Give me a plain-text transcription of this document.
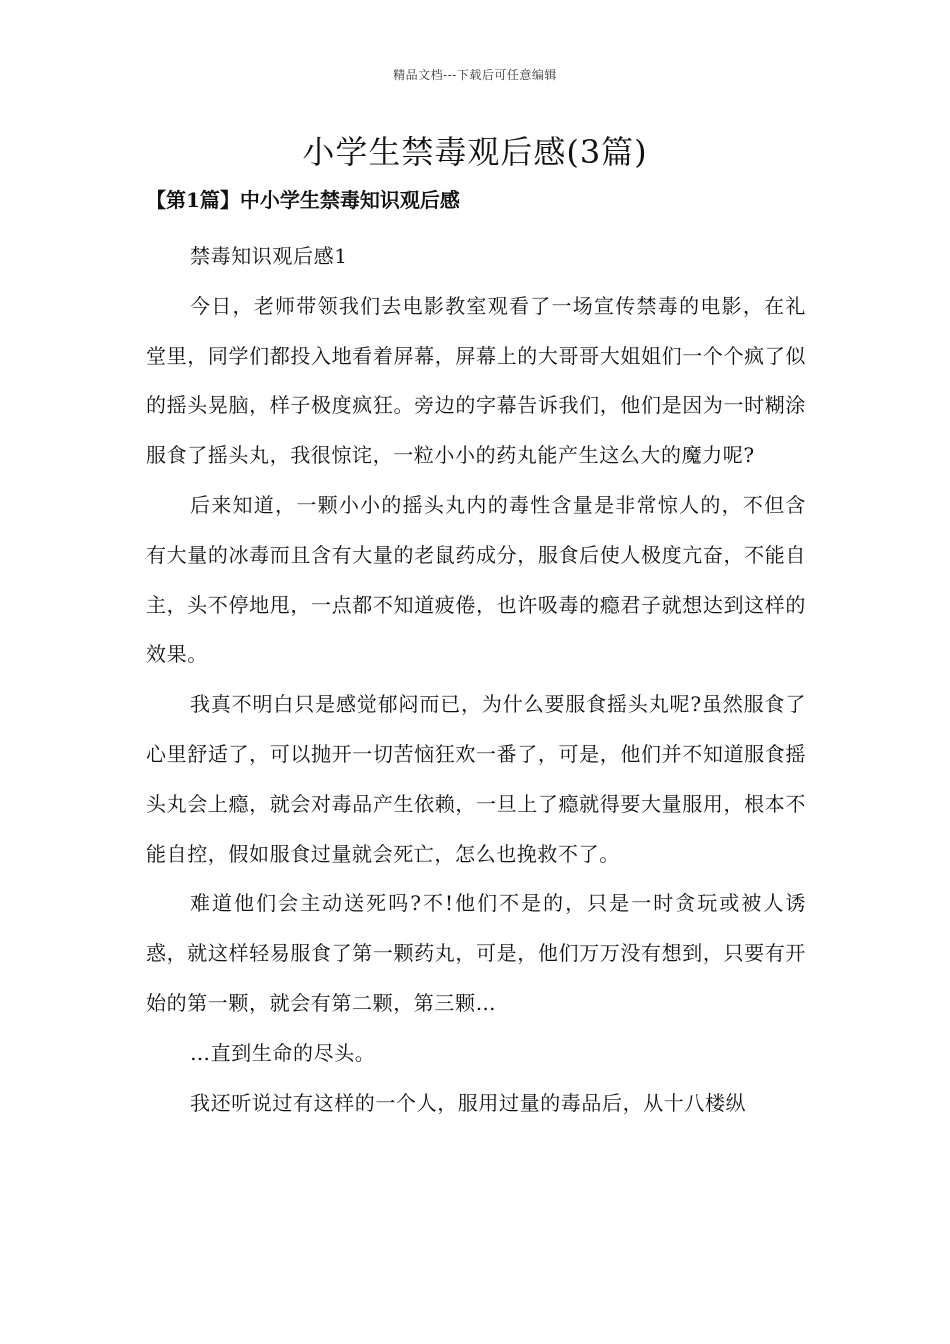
精品文档---下载后可任意编辑
小学生禁毒观后感(3篇)
【第1篇】中小学生禁毒知识观后感

禁毒知识观后感1

今日，老师带领我们去电影教室观看了一场宣传禁毒的电影，在礼堂里，同学们都投入地看着屏幕，屏幕上的大哥哥大姐姐们一个个疯了似的摇头晃脑，样子极度疯狂。旁边的字幕告诉我们，他们是因为一时糊涂服食了摇头丸，我很惊诧，一粒小小的药丸能产生这么大的魔力呢?

后来知道，一颗小小的摇头丸内的毒性含量是非常惊人的，不但含有大量的冰毒而且含有大量的老鼠药成分，服食后使人极度亢奋，不能自主，头不停地甩，一点都不知道疲倦，也许吸毒的瘾君子就想达到这样的效果。

我真不明白只是感觉郁闷而已，为什么要服食摇头丸呢?虽然服食了心里舒适了，可以抛开一切苦恼狂欢一番了，可是，他们并不知道服食摇头丸会上瘾，就会对毒品产生依赖，一旦上了瘾就得要大量服用，根本不能自控，假如服食过量就会死亡，怎么也挽救不了。

难道他们会主动送死吗?不!他们不是的，只是一时贪玩或被人诱惑，就这样轻易服食了第一颗药丸，可是，他们万万没有想到，只要有开始的第一颗，就会有第二颗，第三颗…

…直到生命的尽头。

我还听说过有这样的一个人，服用过量的毒品后，从十八楼纵
